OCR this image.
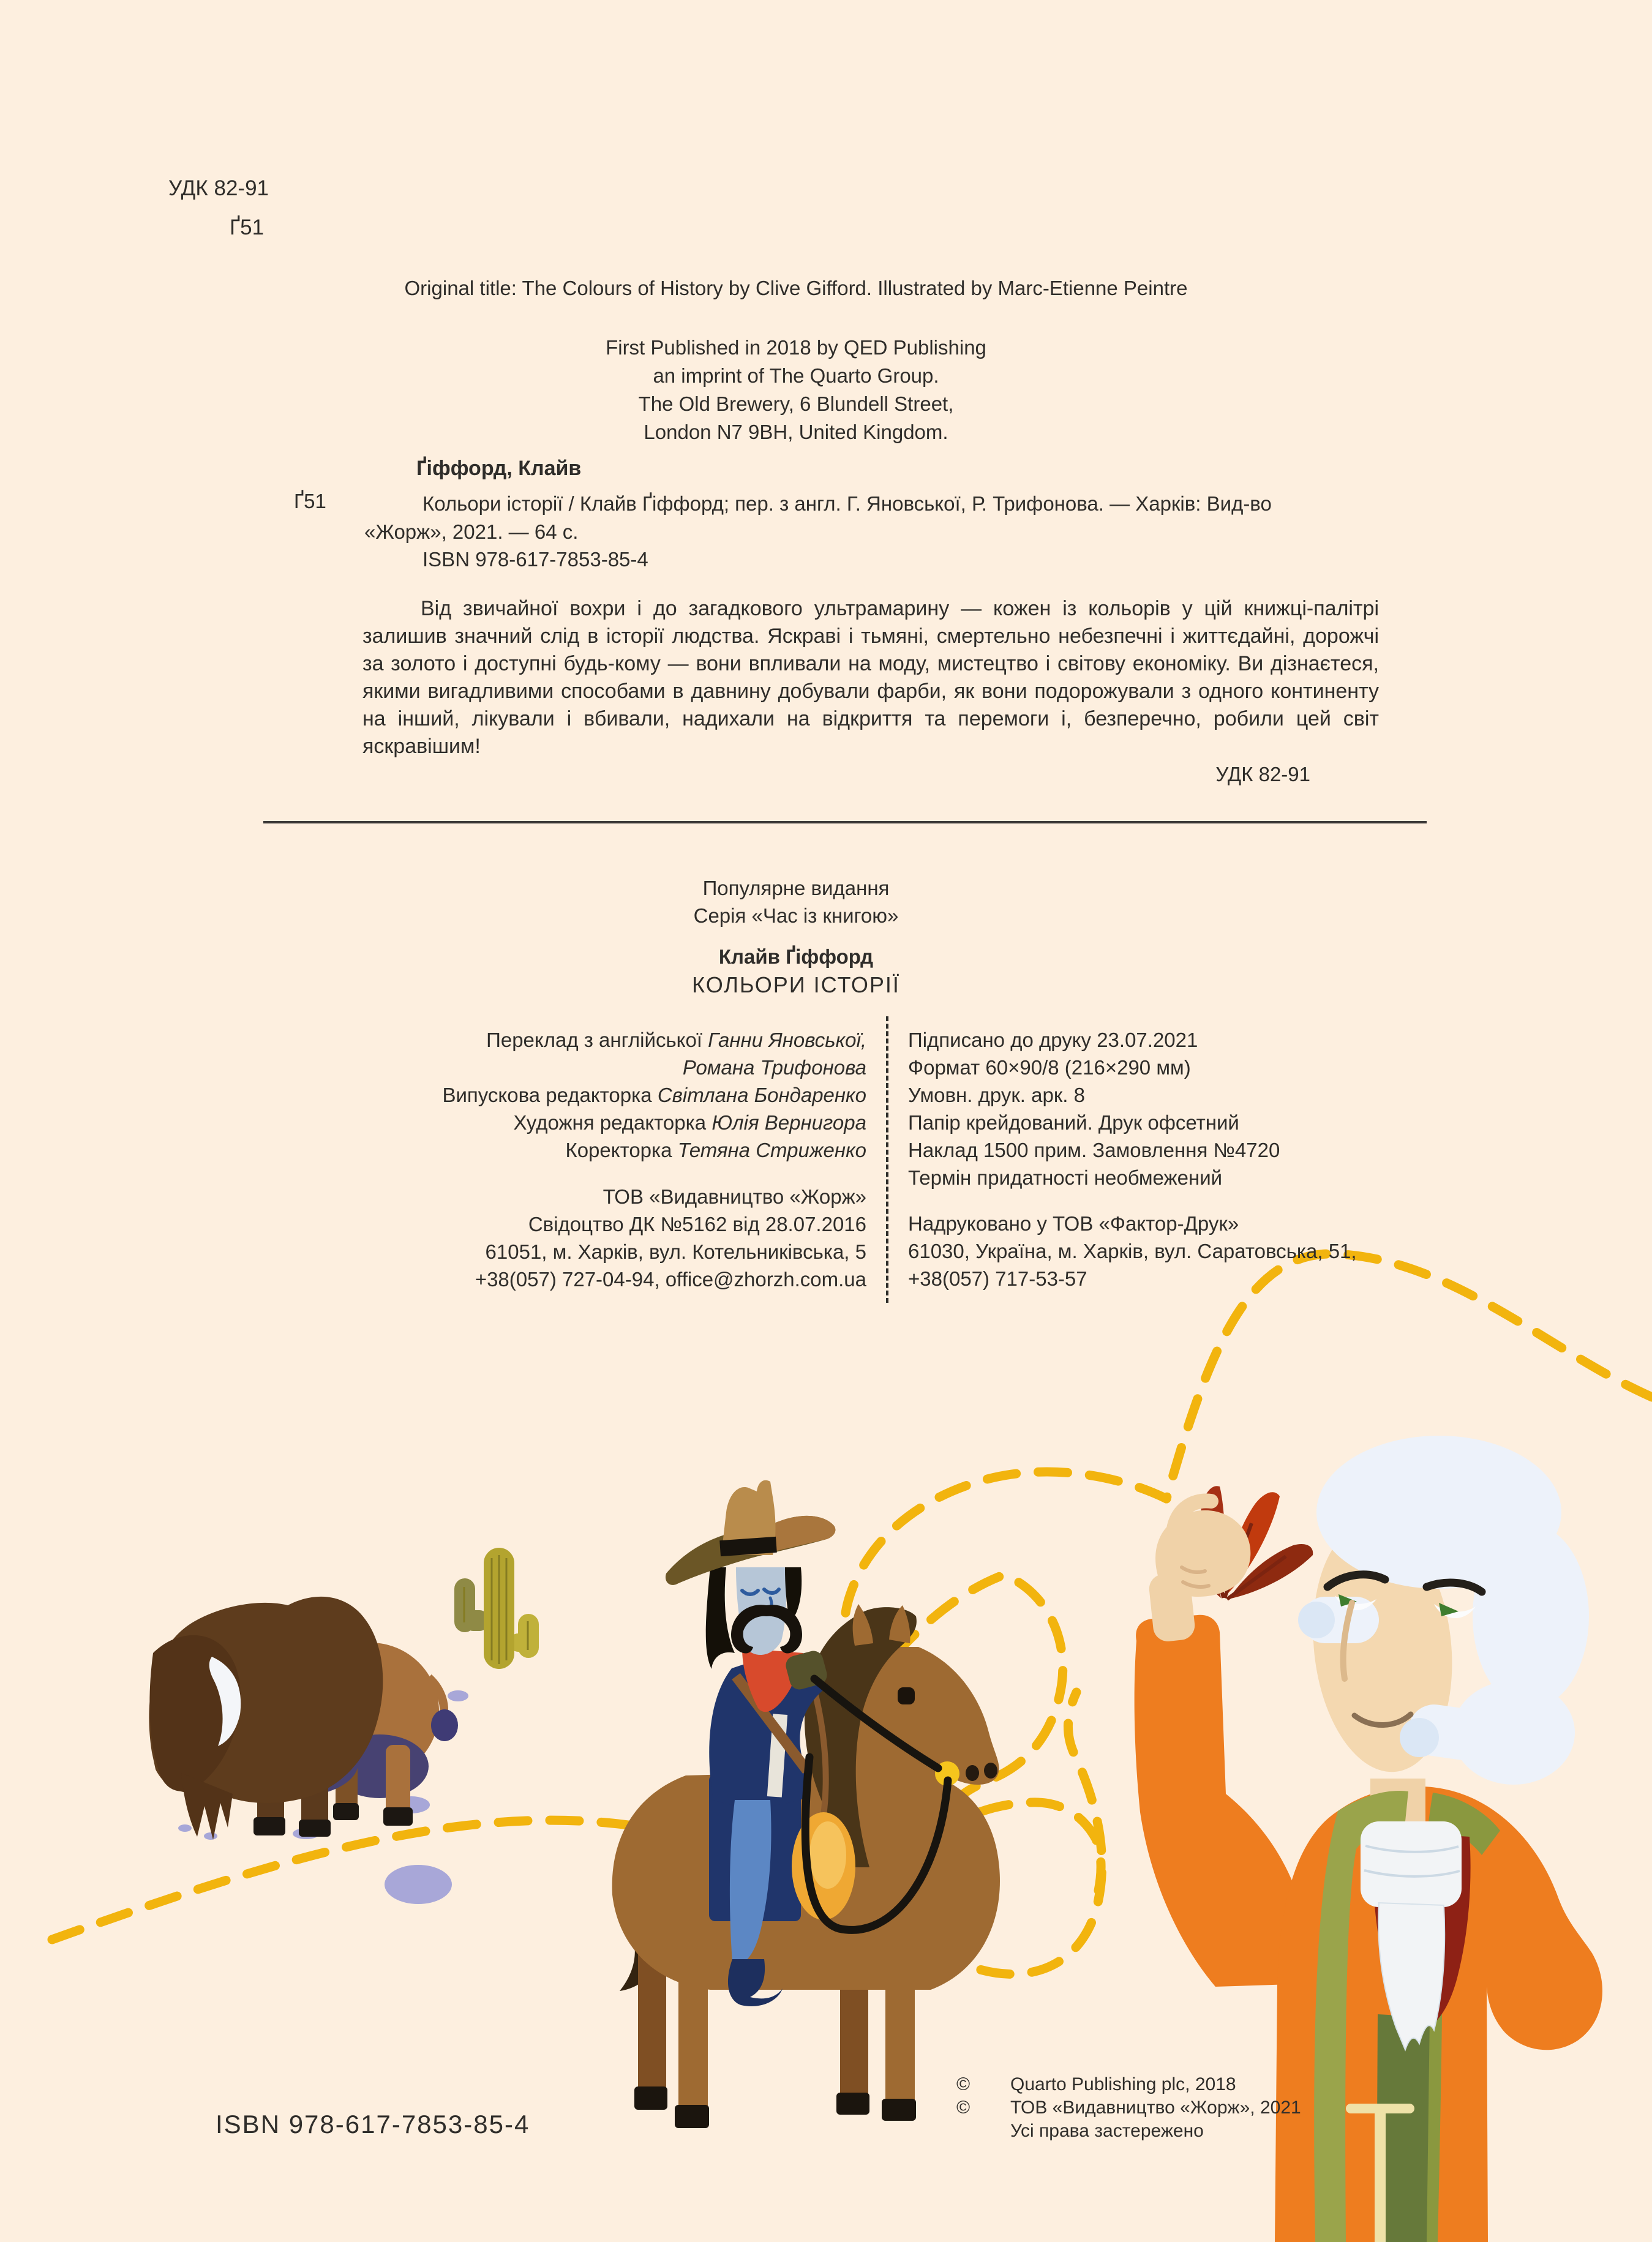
УДК 82-91
Ґ51
Original title: The Colours of History by Clive Gifford. Illustrated by Marc-Etienne Peintre
First Published in 2018 by QED Publishing
an imprint of The Quarto Group.
The Old Brewery, 6 Blundell Street,
London N7 9BH, United Kingdom.
Ґіффорд, Клайв
Ґ51	Кольори історії / Клайв Ґіффорд; пер. з англ. Г. Яновської, Р. Трифонова. — Харків: Вид-во
«Жорж», 2021. — 64 с.
ISBN 978-617-7853-85-4
Від звичайної вохри і до загадкового ультрамарину — кожен із кольорів у цій книжці-палітрі залишив значний слід в історії людства. Яскраві і тьмяні, смертельно небезпечні і життєдайні, дорожчі за золото і доступні будь-кому — вони впливали на моду, мистецтво і світову економіку. Ви дізнаєтеся, якими вигадливими способами в давнину добували фарби, як вони подорожували з одного континенту на інший, лікували і вбивали, надихали на відкриття та перемоги і, безперечно, робили цей світ яскравішим!
УДК 82-91
Популярне видання
Серія «Час із книгою»
Клайв Ґіффорд
КОЛЬОРИ ІСТОРІЇ
Переклад з англійської Ганни Яновської,
Романа Трифонова
Випускова редакторка Світлана Бондаренко
Художня редакторка Юлія Вернигора
Коректорка Тетяна Стриженко
ТОВ «Видавництво «Жорж»
Свідоцтво ДК №5162 від 28.07.2016
61051, м. Харків, вул. Котельниківська, 5
+38(057) 727-04-94, office@zhorzh.com.ua
Підписано до друку 23.07.2021
Формат 60×90/8 (216×290 мм)
Умовн. друк. арк. 8
Папір крейдований. Друк офсетний
Наклад 1500 прим. Замовлення №4720
Термін придатності необмежений
Надруковано у ТОВ «Фактор-Друк»
61030, Україна, м. Харків, вул. Саратовська, 51,
+38(057) 717-53-57
ISBN 978-617-7853-85-4
©	Quarto Publishing plc, 2018
©	ТОВ «Видавництво «Жорж», 2021
Усі права застережено
